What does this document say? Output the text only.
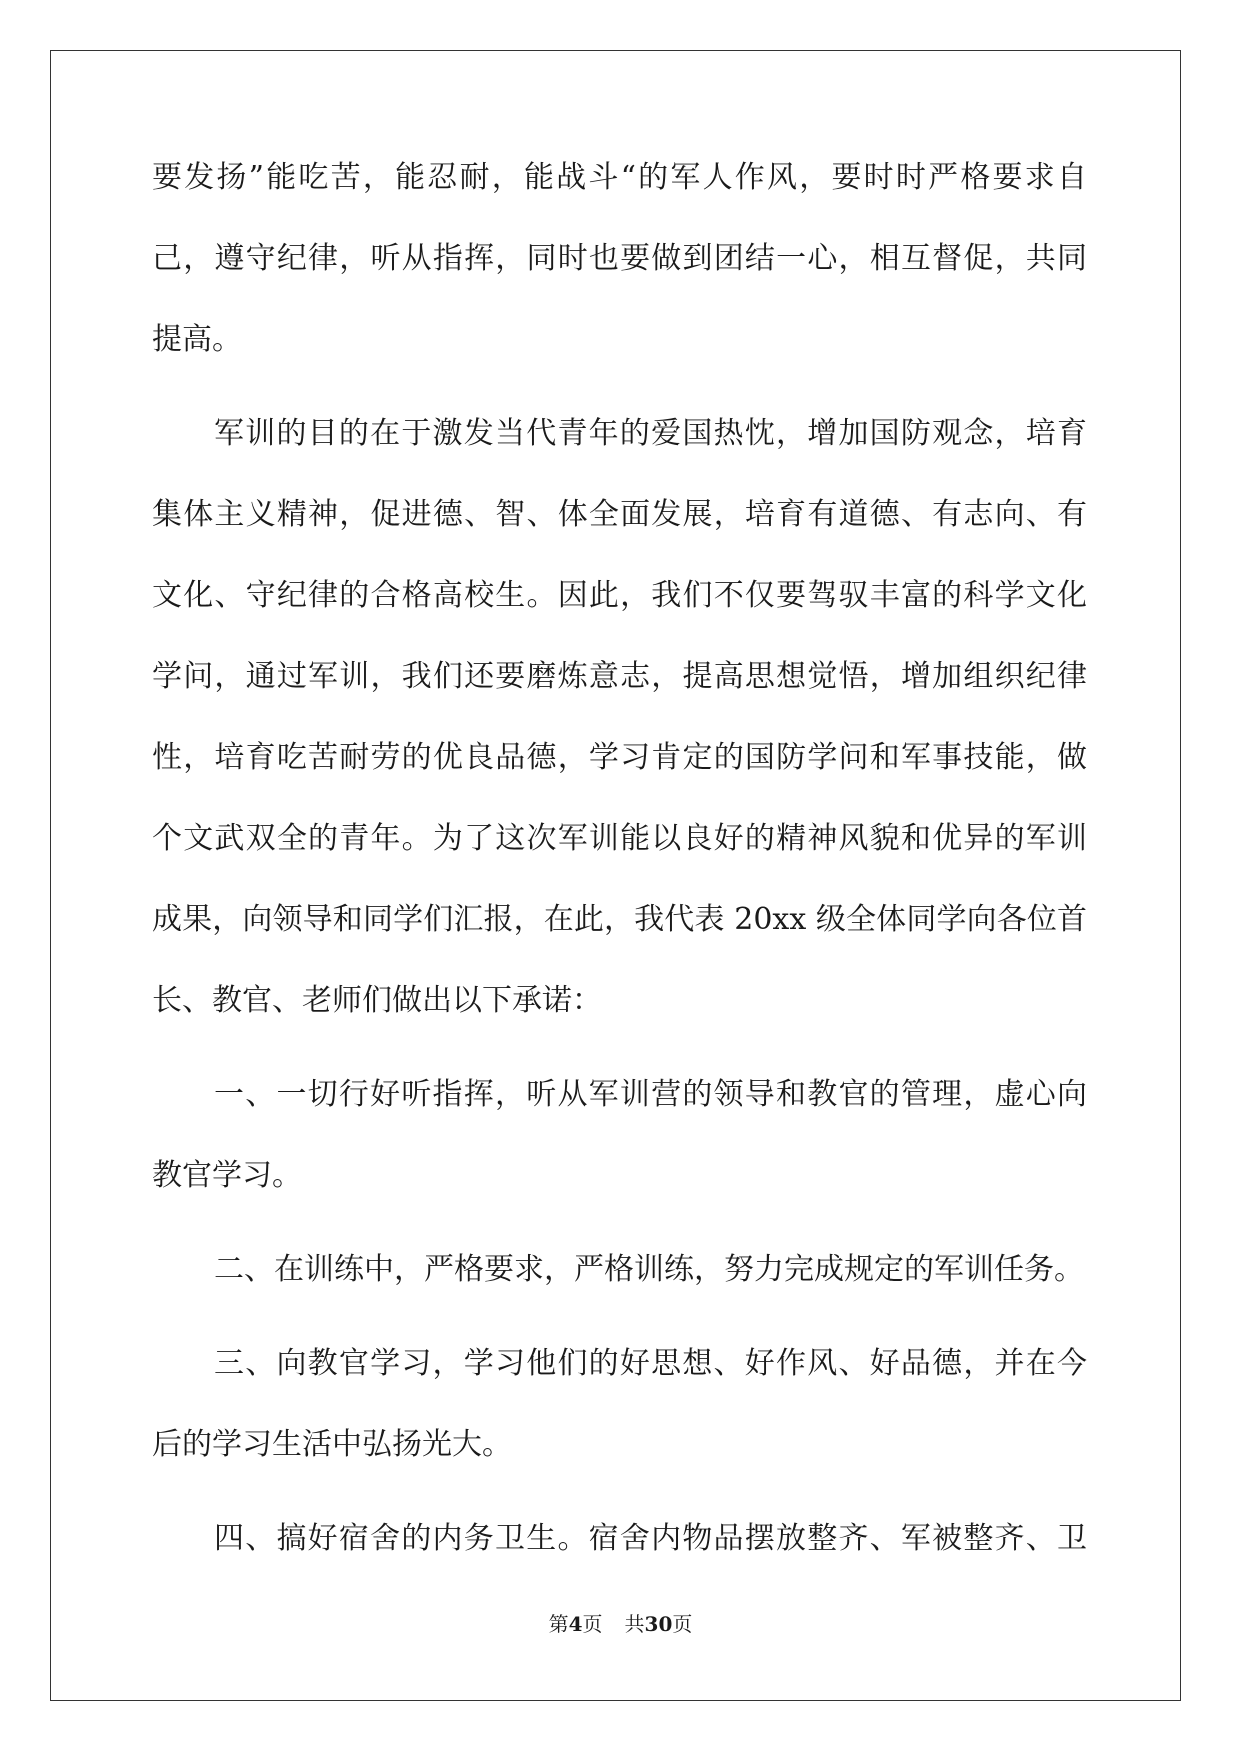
要发扬”能吃苦，能忍耐，能战斗“的军人作风，要时时严格要求自
己，遵守纪律，听从指挥，同时也要做到团结一心，相互督促，共同
提高。
军训的目的在于激发当代青年的爱国热忱，增加国防观念，培育
集体主义精神，促进德、智、体全面发展，培育有道德、有志向、有
文化、守纪律的合格高校生。因此，我们不仅要驾驭丰富的科学文化
学问，通过军训，我们还要磨炼意志，提高思想觉悟，增加组织纪律
性，培育吃苦耐劳的优良品德，学习肯定的国防学问和军事技能，做
个文武双全的青年。为了这次军训能以良好的精神风貌和优异的军训
成果，向领导和同学们汇报，在此，我代表 20xx 级全体同学向各位首
长、教官、老师们做出以下承诺：
一、一切行好听指挥，听从军训营的领导和教官的管理，虚心向
教官学习。
二、在训练中，严格要求，严格训练，努力完成规定的军训任务。
三、向教官学习，学习他们的好思想、好作风、好品德，并在今
后的学习生活中弘扬光大。
四、搞好宿舍的内务卫生。宿舍内物品摆放整齐、军被整齐、卫
第4页 共30页
